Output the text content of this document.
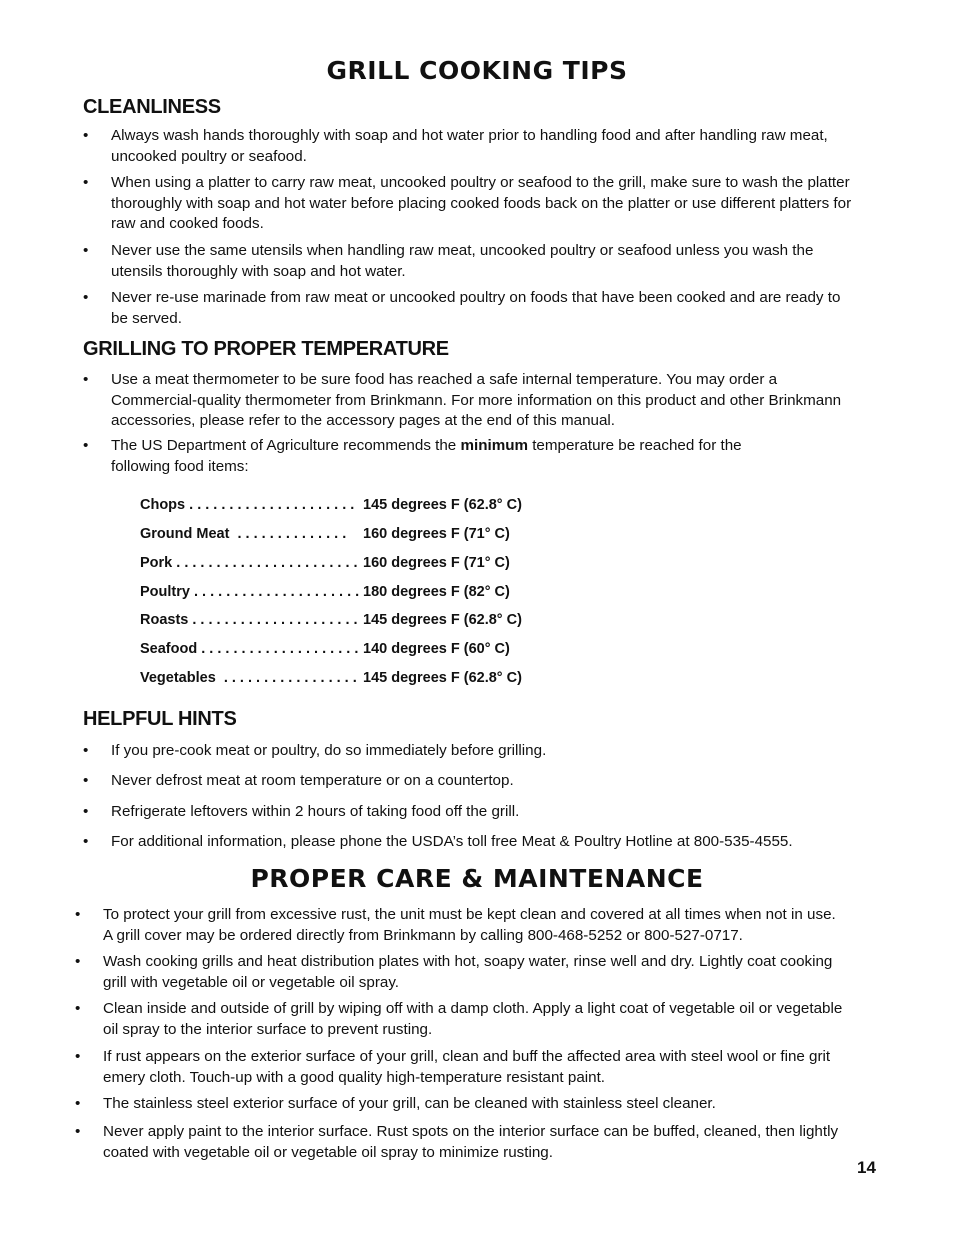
GRILL COOKING TIPS
CLEANLINESS

• Always wash hands thoroughly with soap and hot water prior to handling food and after handling raw meat, uncooked poultry or seafood.

• When using a platter to carry raw meat, uncooked poultry or seafood to the grill, make sure to wash the platter thoroughly with soap and hot water before placing cooked foods back on the platter or use different platters for raw and cooked foods.

• Never use the same utensils when handling raw meat, uncooked poultry or seafood unless you wash the utensils thoroughly with soap and hot water.

• Never re-use marinade from raw meat or uncooked poultry on foods that have been cooked and are ready to be served.

GRILLING TO PROPER TEMPERATURE

• Use a meat thermometer to be sure food has reached a safe internal temperature. You may order a Commercial-quality thermometer from Brinkmann. For more information on this product and other Brinkmann accessories, please refer to the accessory pages at the end of this manual.

• The US Department of Agriculture recommends the minimum temperature be reached for the following food items:

Chops . . . . . . . . . . . . . . . . . . . . . 145 degrees F (62.8° C)
Ground Meat  . . . . . . . . . . . . . . 160 degrees F (71° C)
Pork . . . . . . . . . . . . . . . . . . . . . . . 160 degrees F (71° C)
Poultry . . . . . . . . . . . . . . . . . . . . . 180 degrees F (82° C)
Roasts . . . . . . . . . . . . . . . . . . . . . 145 degrees F (62.8° C)
Seafood . . . . . . . . . . . . . . . . . . . . 140 degrees F (60° C)
Vegetables  . . . . . . . . . . . . . . . . . 145 degrees F (62.8° C)
HELPFUL HINTS

• If you pre-cook meat or poultry, do so immediately before grilling.

• Never defrost meat at room temperature or on a countertop.

• Refrigerate leftovers within 2 hours of taking food off the grill.

• For additional information, please phone the USDA’s toll free Meat & Poultry Hotline at 800-535-4555.

PROPER CARE & MAINTENANCE

• To protect your grill from excessive rust, the unit must be kept clean and covered at all times when not in use. A grill cover may be ordered directly from Brinkmann by calling 800-468-5252 or 800-527-0717.

• Wash cooking grills and heat distribution plates with hot, soapy water, rinse well and dry. Lightly coat cooking grill with vegetable oil or vegetable oil spray.

• Clean inside and outside of grill by wiping off with a damp cloth. Apply a light coat of vegetable oil or vegetable oil spray to the interior surface to prevent rusting.

• If rust appears on the exterior surface of your grill, clean and buff the affected area with steel wool or fine grit emery cloth. Touch-up with a good quality high-temperature resistant paint.

• The stainless steel exterior surface of your grill, can be cleaned with stainless steel cleaner.

• Never apply paint to the interior surface. Rust spots on the interior surface can be buffed, cleaned, then lightly coated with vegetable oil or vegetable oil spray to minimize rusting.

14
